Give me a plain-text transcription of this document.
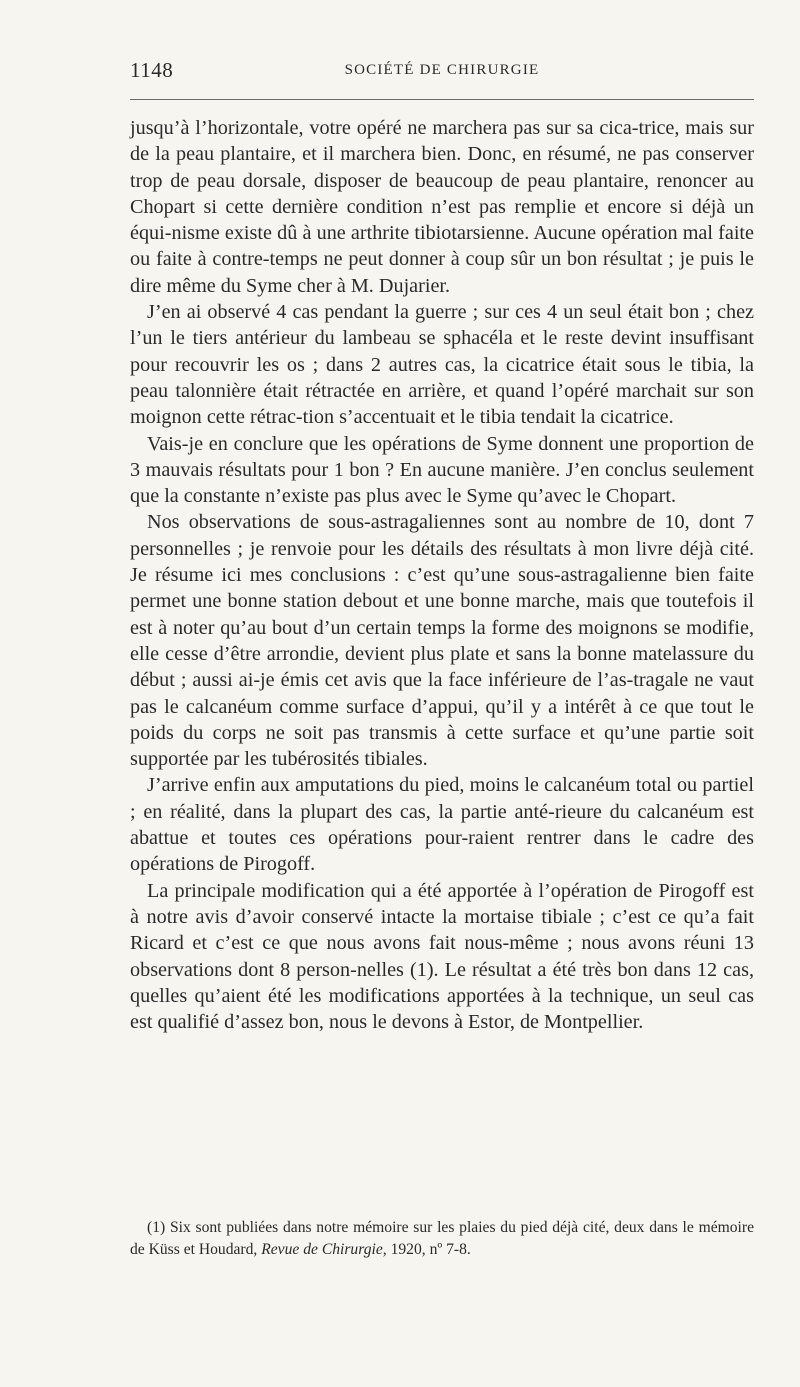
1148	SOCIÉTÉ DE CHIRURGIE

jusqu’à l’horizontale, votre opéré ne marchera pas sur sa cica-trice, mais sur de la peau plantaire, et il marchera bien. Donc, en résumé, ne pas conserver trop de peau dorsale, disposer de beaucoup de peau plantaire, renoncer au Chopart si cette dernière condition n’est pas remplie et encore si déjà un équi-nisme existe dû à une arthrite tibiotarsienne. Aucune opération mal faite ou faite à contre-temps ne peut donner à coup sûr un bon résultat ; je puis le dire même du Syme cher à M. Dujarier.

J’en ai observé 4 cas pendant la guerre ; sur ces 4 un seul était bon ; chez l’un le tiers antérieur du lambeau se sphacéla et le reste devint insuffisant pour recouvrir les os ; dans 2 autres cas, la cicatrice était sous le tibia, la peau talonnière était rétractée en arrière, et quand l’opéré marchait sur son moignon cette rétrac-tion s’accentuait et le tibia tendait la cicatrice.

Vais-je en conclure que les opérations de Syme donnent une proportion de 3 mauvais résultats pour 1 bon ? En aucune manière. J’en conclus seulement que la constante n’existe pas plus avec le Syme qu’avec le Chopart.

Nos observations de sous-astragaliennes sont au nombre de 10, dont 7 personnelles ; je renvoie pour les détails des résultats à mon livre déjà cité. Je résume ici mes conclusions : c’est qu’une sous-astragalienne bien faite permet une bonne station debout et une bonne marche, mais que toutefois il est à noter qu’au bout d’un certain temps la forme des moignons se modifie, elle cesse d’être arrondie, devient plus plate et sans la bonne matelassure du début ; aussi ai-je émis cet avis que la face inférieure de l’as-tragale ne vaut pas le calcanéum comme surface d’appui, qu’il y a intérêt à ce que tout le poids du corps ne soit pas transmis à cette surface et qu’une partie soit supportée par les tubérosités tibiales.

J’arrive enfin aux amputations du pied, moins le calcanéum total ou partiel ; en réalité, dans la plupart des cas, la partie anté-rieure du calcanéum est abattue et toutes ces opérations pour-raient rentrer dans le cadre des opérations de Pirogoff.

La principale modification qui a été apportée à l’opération de Pirogoff est à notre avis d’avoir conservé intacte la mortaise tibiale ; c’est ce qu’a fait Ricard et c’est ce que nous avons fait nous-même ; nous avons réuni 13 observations dont 8 person-nelles (1). Le résultat a été très bon dans 12 cas, quelles qu’aient été les modifications apportées à la technique, un seul cas est qualifié d’assez bon, nous le devons à Estor, de Montpellier.

(1) Six sont publiées dans notre mémoire sur les plaies du pied déjà cité, deux dans le mémoire de Küss et Houdard, Revue de Chirurgie, 1920, nº 7-8.
